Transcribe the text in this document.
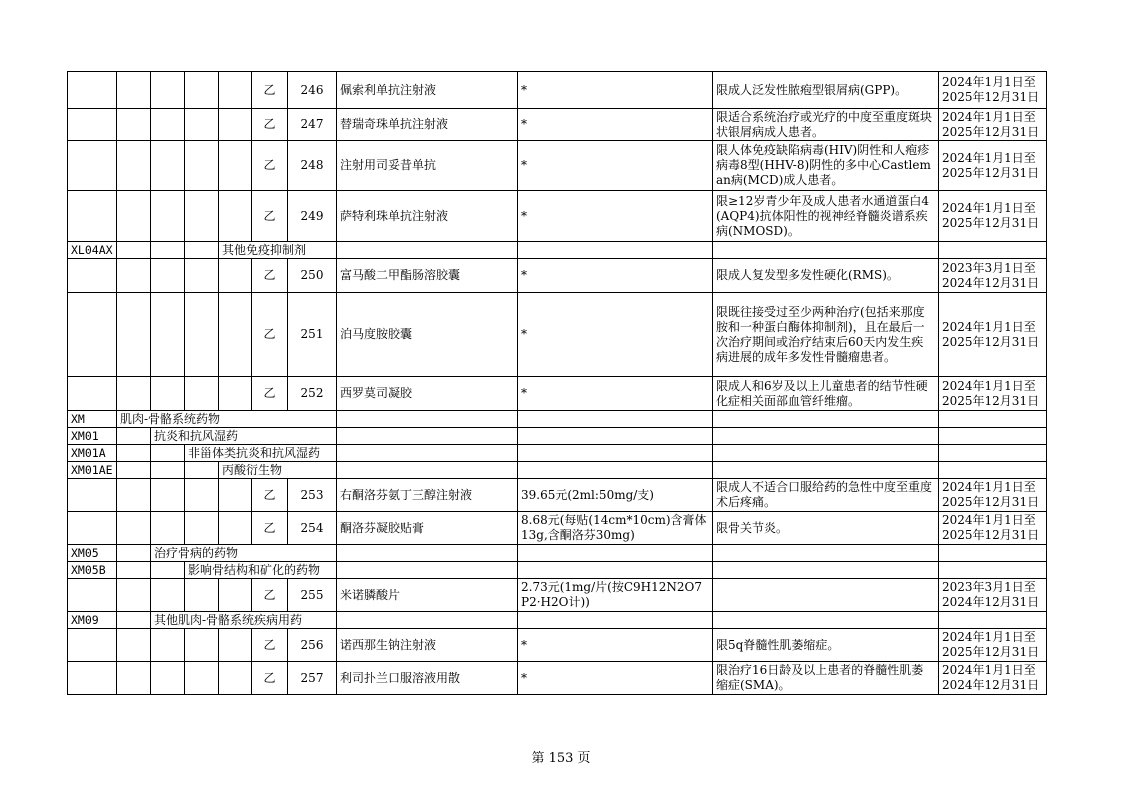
					乙	246	佩索利单抗注射液	*	限成人泛发性脓疱型银屑病(GPP)。	2024年1月1日至2025年12月31日
					乙	247	替瑞奇珠单抗注射液	*	限适合系统治疗或光疗的中度至重度斑块状银屑病成人患者。	2024年1月1日至2025年12月31日
					乙	248	注射用司妥昔单抗	*	限人体免疫缺陷病毒(HIV)阴性和人疱疹病毒8型(HHV-8)阴性的多中心Castleman病(MCD)成人患者。	2024年1月1日至2025年12月31日
					乙	249	萨特利珠单抗注射液	*	限≥12岁青少年及成人患者水通道蛋白4(AQP4)抗体阳性的视神经脊髓炎谱系疾病(NMOSD)。	2024年1月1日至2025年12月31日
XL04AX				其他免疫抑制剂						
					乙	250	富马酸二甲酯肠溶胶囊	*	限成人复发型多发性硬化(RMS)。	2023年3月1日至2024年12月31日
					乙	251	泊马度胺胶囊	*	限既往接受过至少两种治疗(包括来那度胺和一种蛋白酶体抑制剂)，且在最后一次治疗期间或治疗结束后60天内发生疾病进展的成年多发性骨髓瘤患者。	2024年1月1日至2025年12月31日
					乙	252	西罗莫司凝胶	*	限成人和6岁及以上儿童患者的结节性硬化症相关面部血管纤维瘤。	2024年1月1日至2025年12月31日
XM	肌肉-骨骼系统药物									
XM01		抗炎和抗风湿药								
XM01A			非甾体类抗炎和抗风湿药							
XM01AE				丙酸衍生物						
					乙	253	右酮洛芬氨丁三醇注射液	39.65元(2ml:50mg/支)	限成人不适合口服给药的急性中度至重度术后疼痛。	2024年1月1日至2025年12月31日
					乙	254	酮洛芬凝胶贴膏	8.68元(每贴(14cm*10cm)含膏体13g,含酮洛芬30mg)	限骨关节炎。	2024年1月1日至2025年12月31日
XM05		治疗骨病的药物								
XM05B			影响骨结构和矿化的药物							
					乙	255	米诺膦酸片	2.73元(1mg/片(按C9H12N2O7P2·H2O计))		2023年3月1日至2024年12月31日
XM09		其他肌肉-骨骼系统疾病用药								
					乙	256	诺西那生钠注射液	*	限5q脊髓性肌萎缩症。	2024年1月1日至2025年12月31日
					乙	257	利司扑兰口服溶液用散	*	限治疗16日龄及以上患者的脊髓性肌萎缩症(SMA)。	2024年1月1日至2024年12月31日
第 153 页
